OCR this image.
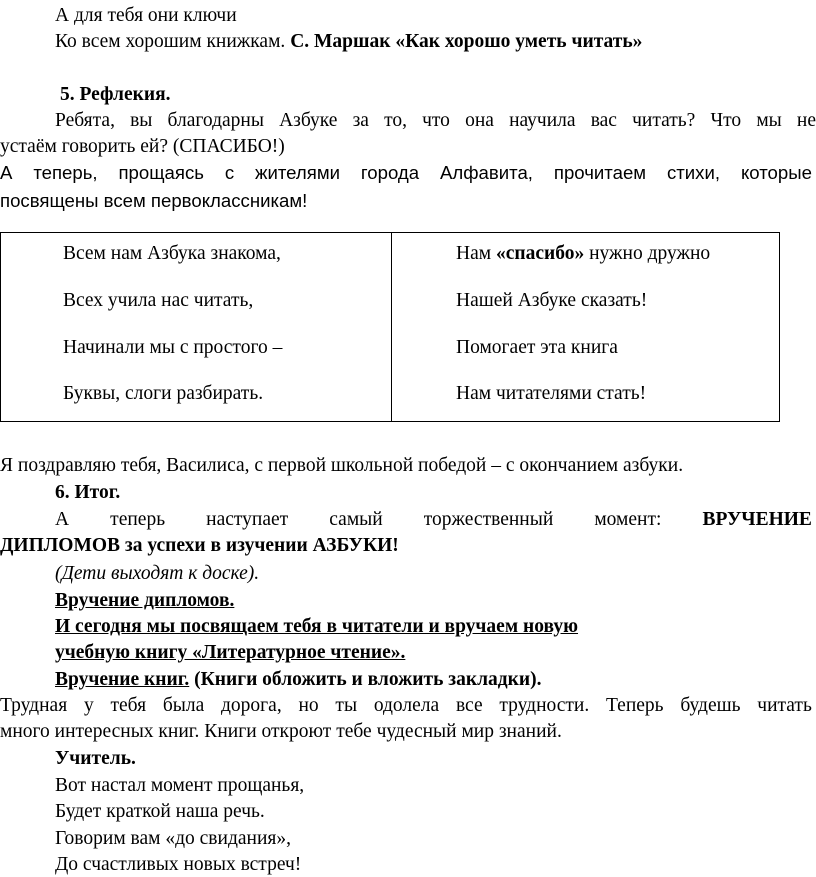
А для тебя они ключи
Ко всем хорошим книжкам. С. Маршак «Как хорошо уметь читать»
5. Рефлекия.
Ребята, вы благодарны Азбуке за то, что она научила вас читать? Что мы не
устаём говорить ей? (СПАСИБО!)
А теперь, прощаясь с жителями города Алфавита, прочитаем стихи, которые
посвящены всем первоклассникам!
Всем нам Азбука знакома,
Всех учила нас читать,
Начинали мы с простого –
Буквы, слоги разбирать.
Нам «спасибо» нужно дружно
Нашей Азбуке сказать!
Помогает эта книга
Нам читателями стать!
Я поздравляю тебя, Василиса, с первой школьной победой – с окончанием азбуки.
6. Итог.
А теперь наступает самый торжественный момент: ВРУЧЕНИЕ
ДИПЛОМОВ за успехи в изучении АЗБУКИ!
(Дети выходят к доске).
Вручение дипломов.
И сегодня мы посвящаем тебя в читатели и вручаем новую
учебную книгу «Литературное чтение».
Вручение книг. (Книги обложить и вложить закладки).
Трудная у тебя была дорога, но ты одолела все трудности. Теперь будешь читать
много интересных книг. Книги откроют тебе чудесный мир знаний.
Учитель.
Вот настал момент прощанья,
Будет краткой наша речь.
Говорим вам «до свидания»,
До счастливых новых встреч!
